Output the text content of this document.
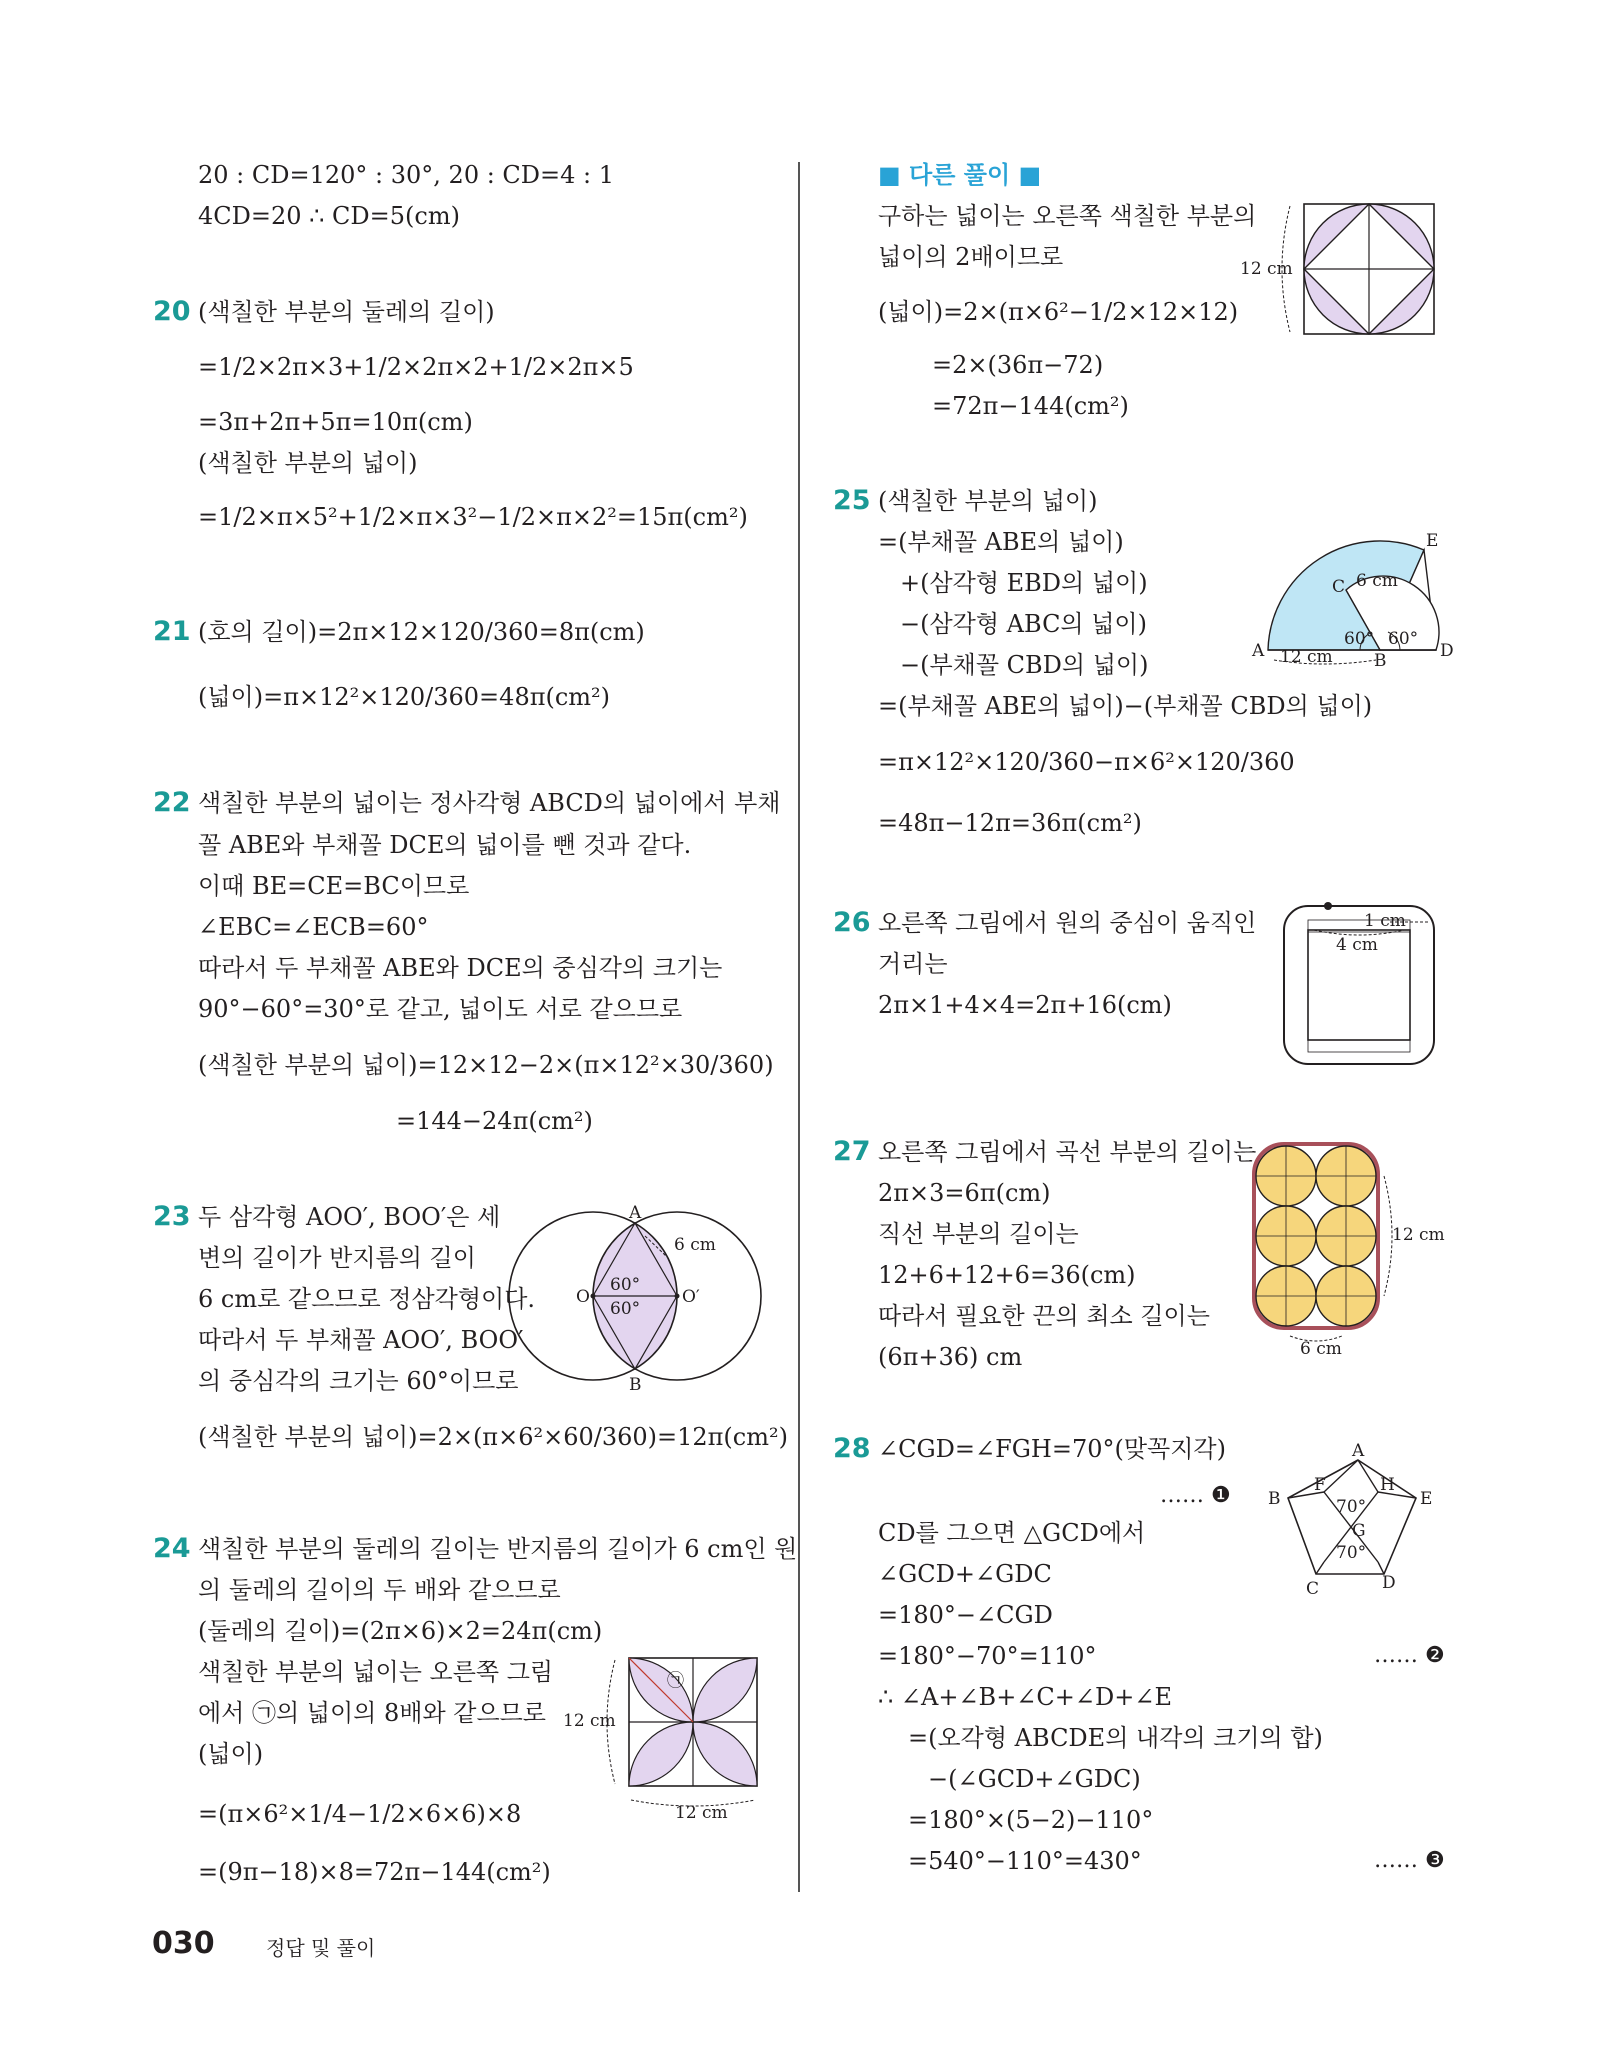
20 : CD=120° : 30°, 20 : CD=4 : 1
4CD=20 ∴ CD=5(cm)
20 (색칠한 부분의 둘레의 길이)
=1/2×2π×3+1/2×2π×2+1/2×2π×5
=3π+2π+5π=10π(cm)
(색칠한 부분의 넓이)
=1/2×π×5²+1/2×π×3²−1/2×π×2²=15π(cm²)
21 (호의 길이)=2π×12×120/360=8π(cm)
(넓이)=π×12²×120/360=48π(cm²)
22 색칠한 부분의 넓이는 정사각형 ABCD의 넓이에서 부채
꼴 ABE와 부채꼴 DCE의 넓이를 뺀 것과 같다.
이때 BE=CE=BC이므로
∠EBC=∠ECB=60°
따라서 두 부채꼴 ABE와 DCE의 중심각의 크기는
90°−60°=30°로 같고, 넓이도 서로 같으므로
(색칠한 부분의 넓이)=12×12−2×(π×12²×30/360)
=144−24π(cm²)
23 두 삼각형 AOO′, BOO′은 세
변의 길이가 반지름의 길이
6 cm로 같으므로 정삼각형이다.
따라서 두 부채꼴 AOO′, BOO′
의 중심각의 크기는 60°이므로
(색칠한 부분의 넓이)=2×(π×6²×60/360)=12π(cm²)
A
B
O	O′
6 cm
60°
60°
24 색칠한 부분의 둘레의 길이는 반지름의 길이가 6 cm인 원
의 둘레의 길이의 두 배와 같으므로
(둘레의 길이)=(2π×6)×2=24π(cm)
색칠한 부분의 넓이는 오른쪽 그림
에서 ㉠의 넓이의 8배와 같으므로
(넓이)
=(π×6²×1/4−1/2×6×6)×8
=(9π−18)×8=72π−144(cm²)
12 cm
12 cm
㉠
■ 다른 풀이 ■
구하는 넓이는 오른쪽 색칠한 부분의
넓이의 2배이므로
(넓이)=2×(π×6²−1/2×12×12)
=2×(36π−72)
=72π−144(cm²)
12 cm
25 (색칠한 부분의 넓이)
=(부채꼴 ABE의 넓이)
+(삼각형 EBD의 넓이)
−(삼각형 ABC의 넓이)
−(부채꼴 CBD의 넓이)
=(부채꼴 ABE의 넓이)−(부채꼴 CBD의 넓이)
=π×12²×120/360−π×6²×120/360
=48π−12π=36π(cm²)
E
C
A	B	D
6 cm
12 cm
60° 60°
26 오른쪽 그림에서 원의 중심이 움직인
거리는
2π×1+4×4=2π+16(cm)
1 cm
4 cm
27 오른쪽 그림에서 곡선 부분의 길이는
2π×3=6π(cm)
직선 부분의 길이는
12+6+12+6=36(cm)
따라서 필요한 끈의 최소 길이는
(6π+36) cm
12 cm
6 cm
28 ∠CGD=∠FGH=70°(맞꼭지각)
…… ❶
CD를 그으면 △GCD에서
∠GCD+∠GDC
=180°−∠CGD
=180°−70°=110°	…… ❷
∴ ∠A+∠B+∠C+∠D+∠E
=(오각형 ABCDE의 내각의 크기의 합)
−(∠GCD+∠GDC)
=180°×(5−2)−110°
=540°−110°=430°	…… ❸
A
B
C	D
E
F
G
H
70°
70°
030	정답 및 풀이
